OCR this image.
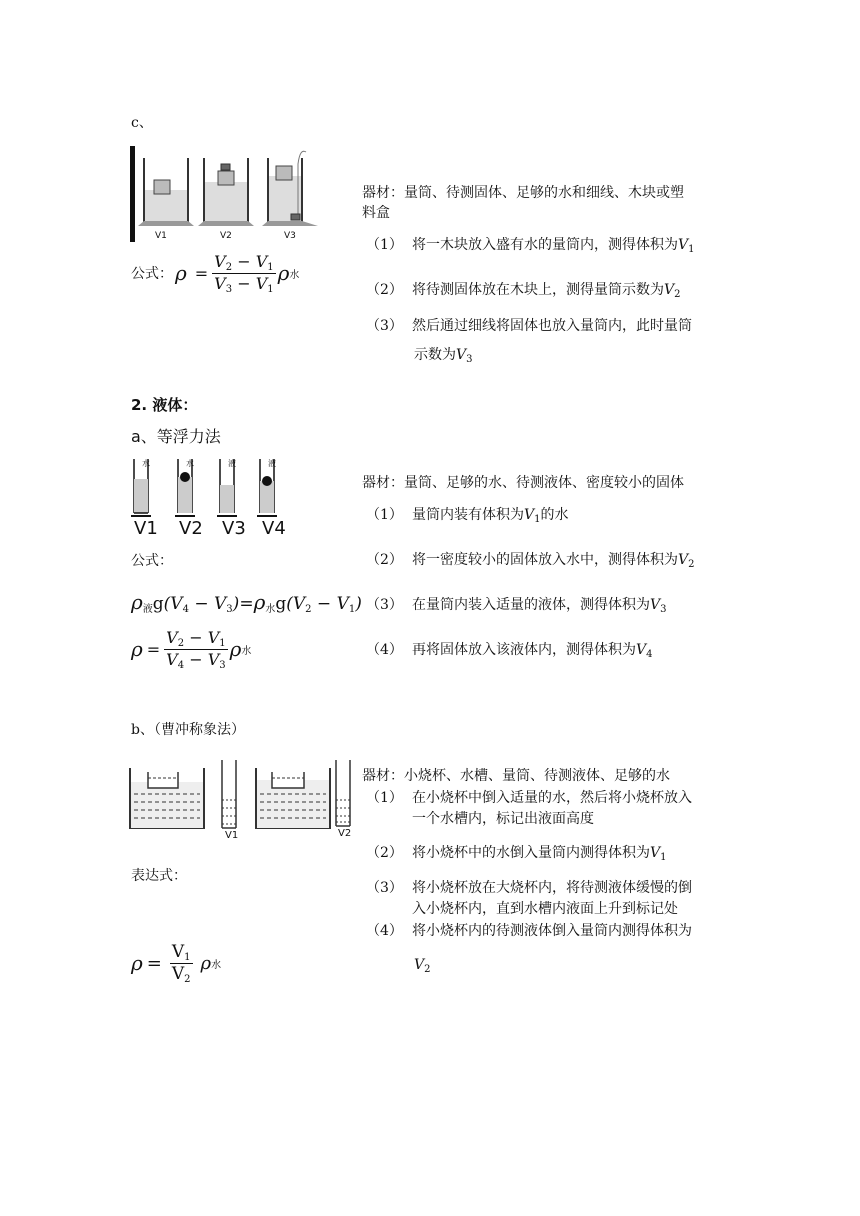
c、
V1	V2	V3
公式： $\rho = \frac{V_2 - V_1}{V_3 - V_1}$ ρ 水
器材：量筒、待测固体、足够的水和细线、木块或塑
料盒
（1） 将一木块放入盛有水的量筒内，测得体积为$V_1$
（2） 将待测固体放在木块上，测得量筒示数为$V_2$
（3） 然后通过细线将固体也放入量筒内，此时量筒
示数为$V_3$
2. 液体：
a、等浮力法
水	水	液	液
V1 V2 V3 V4
公式：
ρ液$g(V_4 - V_3)=\rho$水$g(V_2 - V_1)$
$\rho = \frac{V_2 - V_1}{V_4 - V_3}$ ρ 水
器材：量筒、足够的水、待测液体、密度较小的固体
（1） 量筒内装有体积为$V_1$的水
（2） 将一密度较小的固体放入水中，测得体积为$V_2$
（3） 在量筒内装入适量的液体，测得体积为$V_3$
（4） 再将固体放入该液体内，测得体积为$V_4$
b、（曹冲称象法）
V1	V2
表达式：
$\rho = \frac{V_1}{V_2}$ ρ 水
器材：小烧杯、水槽、量筒、待测液体、足够的水
（1） 在小烧杯中倒入适量的水，然后将小烧杯放入
一个水槽内，标记出液面高度
（2） 将小烧杯中的水倒入量筒内测得体积为$V_1$
（3） 将小烧杯放在大烧杯内，将待测液体缓慢的倒
入小烧杯内，直到水槽内液面上升到标记处
（4） 将小烧杯内的待测液体倒入量筒内测得体积为
$V_2$
